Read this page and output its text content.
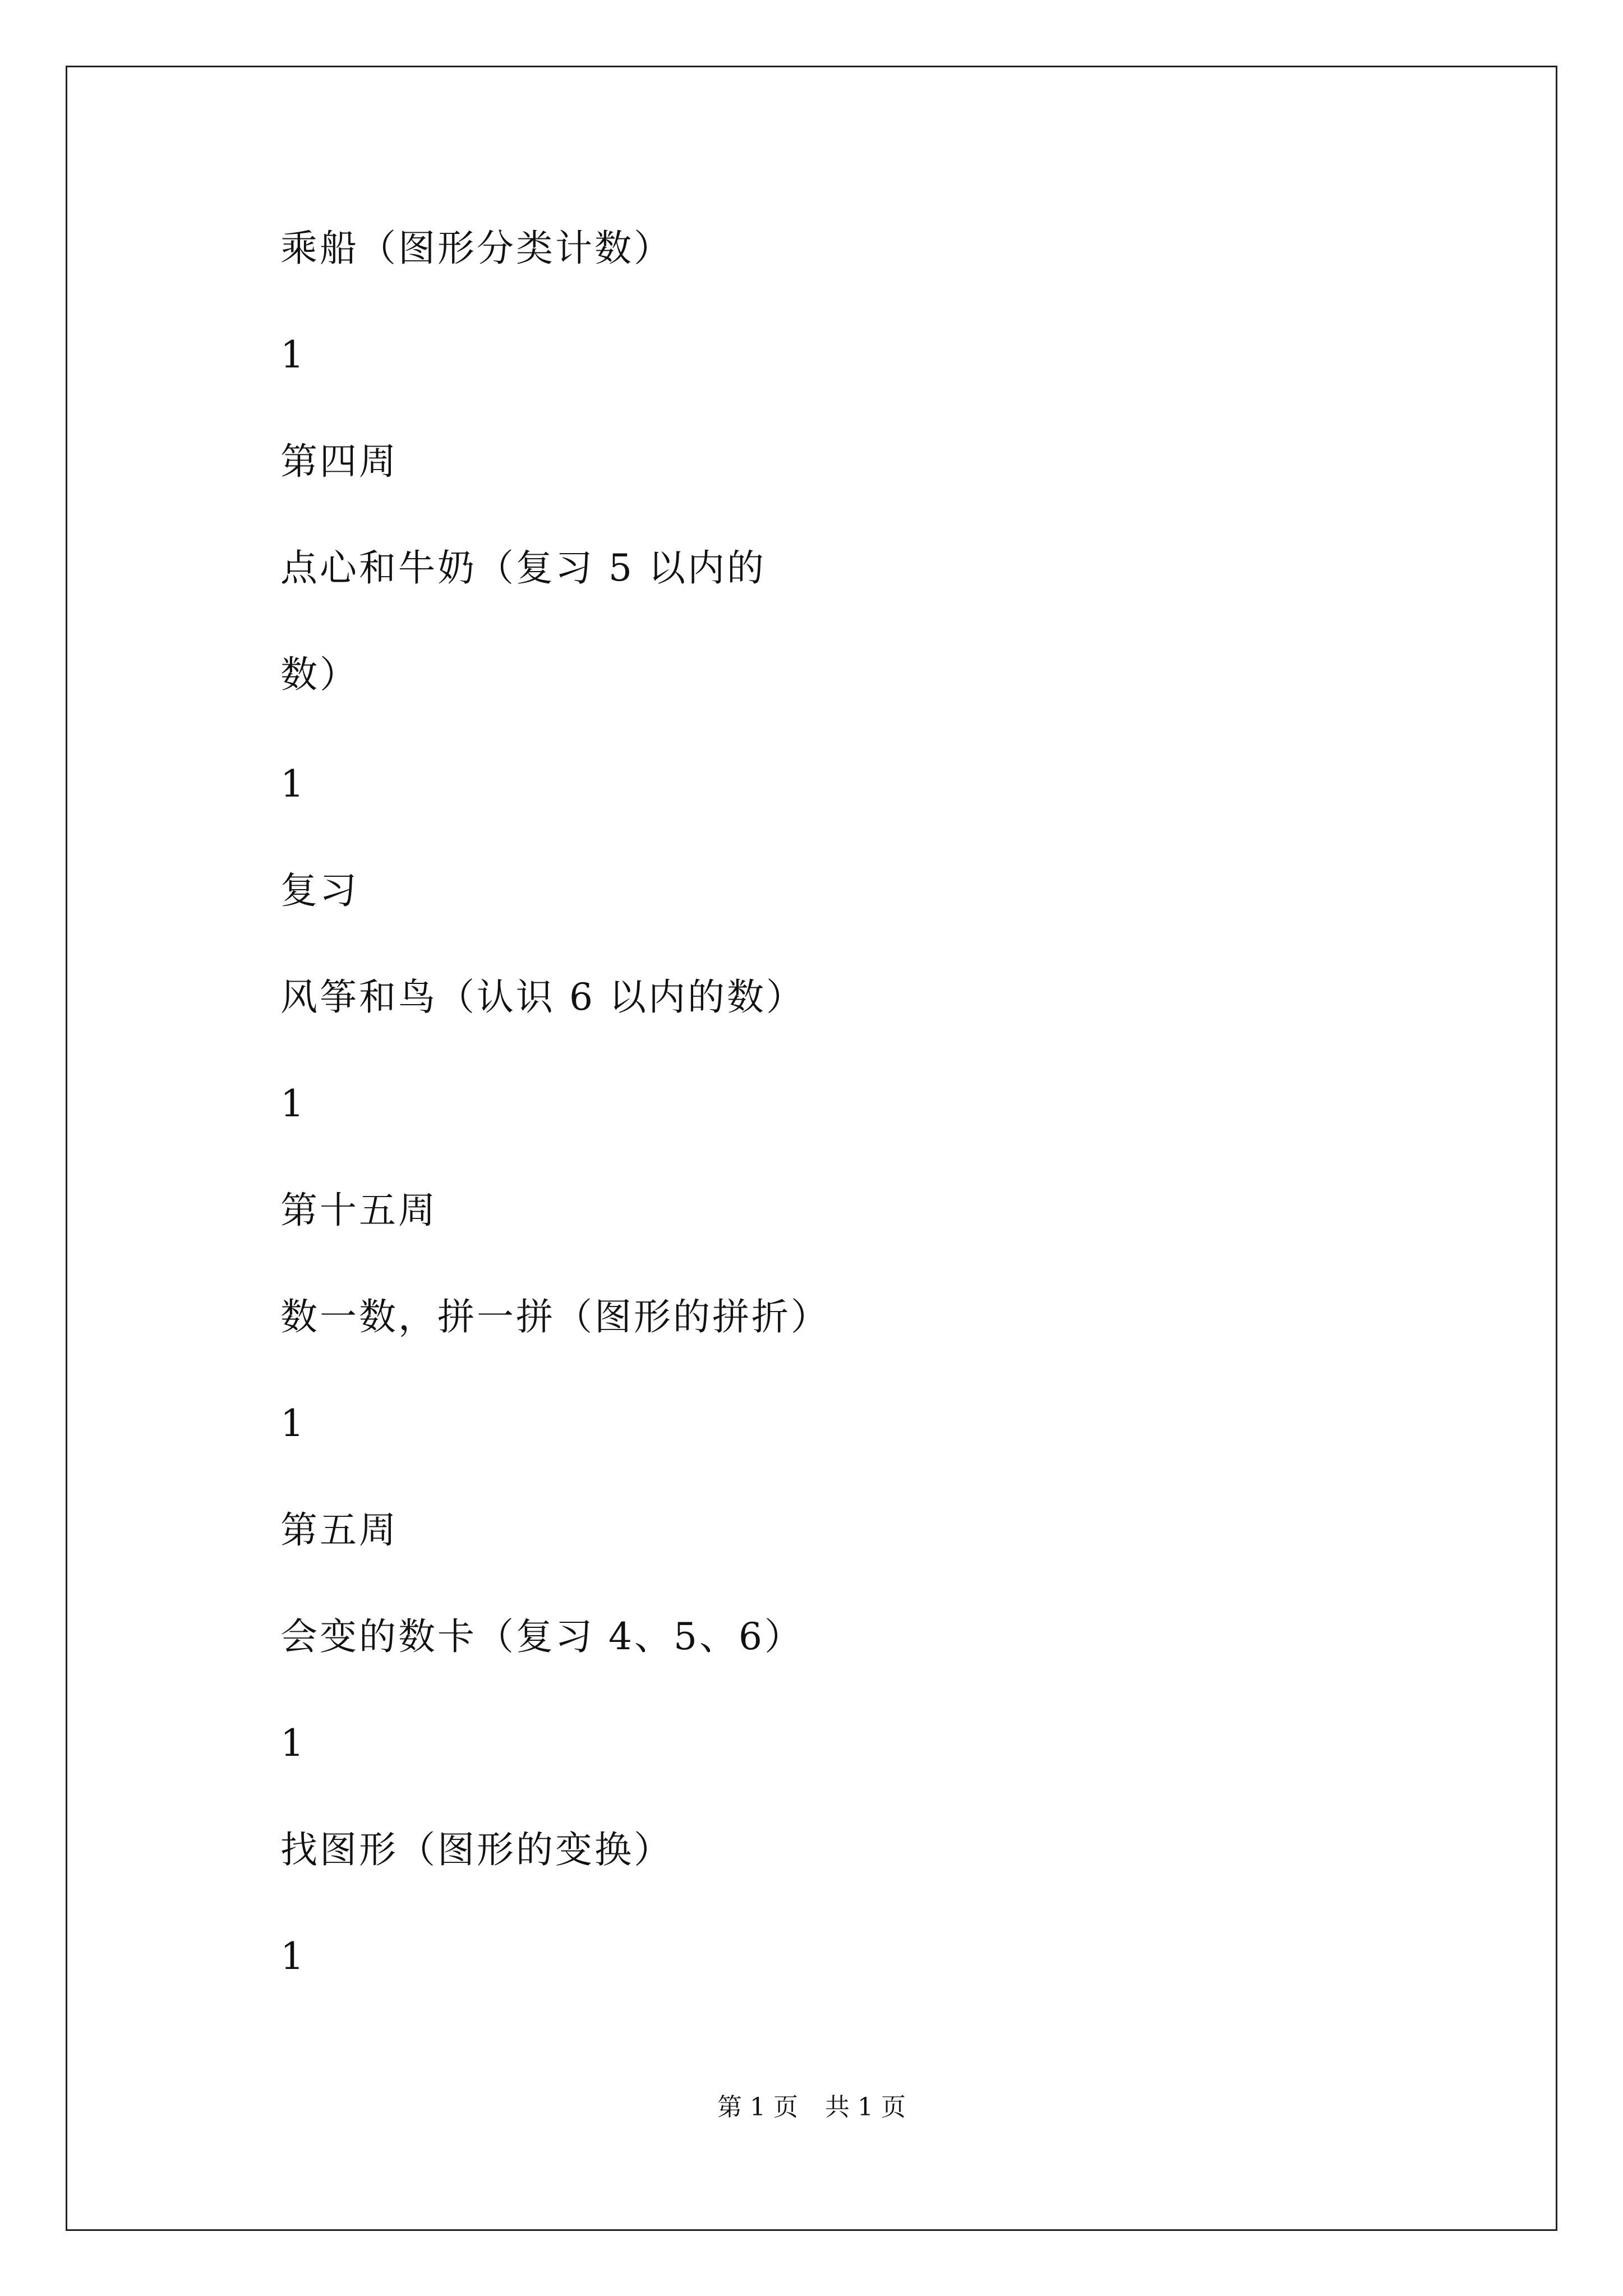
乘船（图形分类计数）
1
第四周
点心和牛奶（复习 5 以内的
数）
1
复习
风筝和鸟（认识 6 以内的数）
1
第十五周
数一数，拼一拼（图形的拼折）
1
第五周
会变的数卡（复习 4、5、6）
1
找图形（图形的变换）
1
第 1 页 共 1 页
